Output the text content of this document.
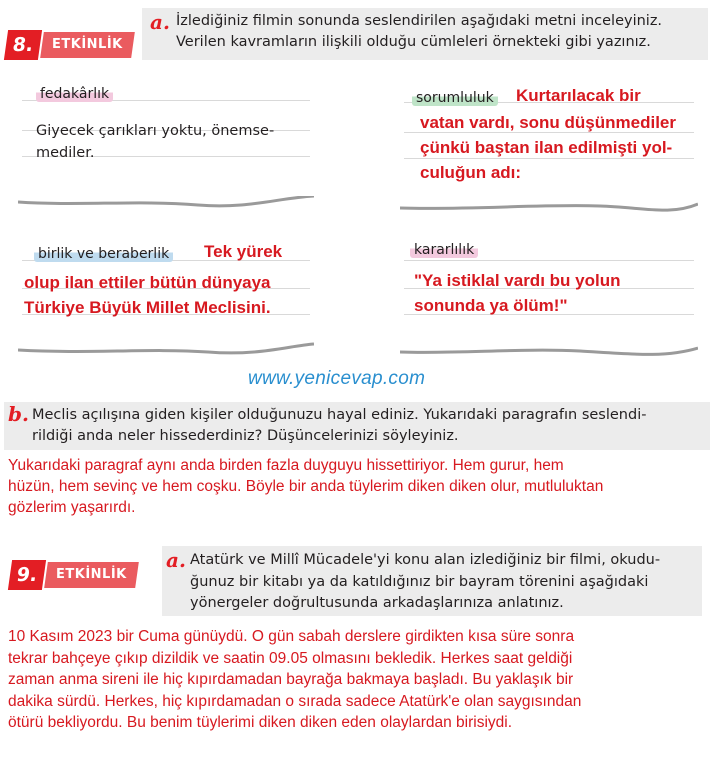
8.	ETKİNLİK
a. İzlediğiniz filmin sonunda seslendirilen aşağıdaki metni inceleyiniz. Verilen kavramların ilişkili olduğu cümleleri örnekteki gibi yazınız.
fedakârlık
Giyecek çarıkları yoktu, önemse-
mediler.
sorumluluk Kurtarılacak bir
vatan vardı, sonu düşünmediler
çünkü baştan ilan edilmişti yol-
culuğun adı:
birlik ve beraberlik Tek yürek
olup ilan ettiler bütün dünyaya
Türkiye Büyük Millet Meclisini.
kararlılık
"Ya istiklal vardı bu yolun
sonunda ya ölüm!"
www.yenicevap.com
b. Meclis açılışına giden kişiler olduğunuzu hayal ediniz. Yukarıdaki paragrafın seslendi-
rildiği anda neler hissederdiniz? Düşüncelerinizi söyleyiniz.
Yukarıdaki paragraf aynı anda birden fazla duyguyu hissettiriyor. Hem gurur, hem
hüzün, hem sevinç ve hem coşku. Böyle bir anda tüylerim diken diken olur, mutluluktan
gözlerim yaşarırdı.
9.	ETKİNLİK
a. Atatürk ve Millî Mücadele'yi konu alan izlediğiniz bir filmi, okudu-
ğunuz bir kitabı ya da katıldığınız bir bayram törenini aşağıdaki
yönergeler doğrultusunda arkadaşlarınıza anlatınız.
10 Kasım 2023 bir Cuma günüydü. O gün sabah derslere girdikten kısa süre sonra
tekrar bahçeye çıkıp dizildik ve saatin 09.05 olmasını bekledik. Herkes saat geldiği
zaman anma sireni ile hiç kıpırdamadan bayrağa bakmaya başladı. Bu yaklaşık bir
dakika sürdü. Herkes, hiç kıpırdamadan o sırada sadece Atatürk'e olan saygısından
ötürü bekliyordu. Bu benim tüylerimi diken diken eden olaylardan birisiydi.
